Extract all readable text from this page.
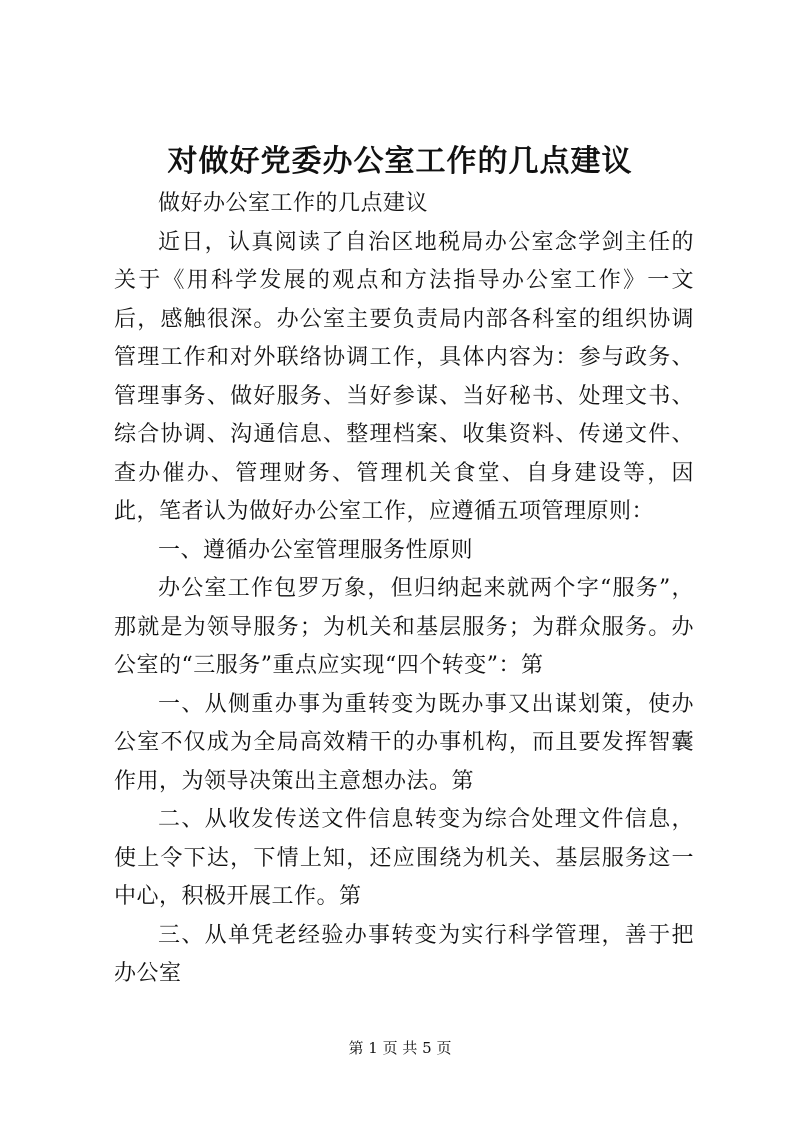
对做好党委办公室工作的几点建议

做好办公室工作的几点建议

近日，认真阅读了自治区地税局办公室念学剑主任的关于《用科学发展的观点和方法指导办公室工作》一文后，感触很深。办公室主要负责局内部各科室的组织协调管理工作和对外联络协调工作，具体内容为：参与政务、管理事务、做好服务、当好参谋、当好秘书、处理文书、综合协调、沟通信息、整理档案、收集资料、传递文件、查办催办、管理财务、管理机关食堂、自身建设等，因此，笔者认为做好办公室工作，应遵循五项管理原则：

一、遵循办公室管理服务性原则

办公室工作包罗万象，但归纳起来就两个字“服务”，那就是为领导服务；为机关和基层服务；为群众服务。办公室的“三服务”重点应实现“四个转变”：第

一、从侧重办事为重转变为既办事又出谋划策，使办公室不仅成为全局高效精干的办事机构，而且要发挥智囊作用，为领导决策出主意想办法。第

二、从收发传送文件信息转变为综合处理文件信息，使上令下达，下情上知，还应围绕为机关、基层服务这一中心，积极开展工作。第

三、从单凭老经验办事转变为实行科学管理，善于把办公室

第 1 页 共 5 页
